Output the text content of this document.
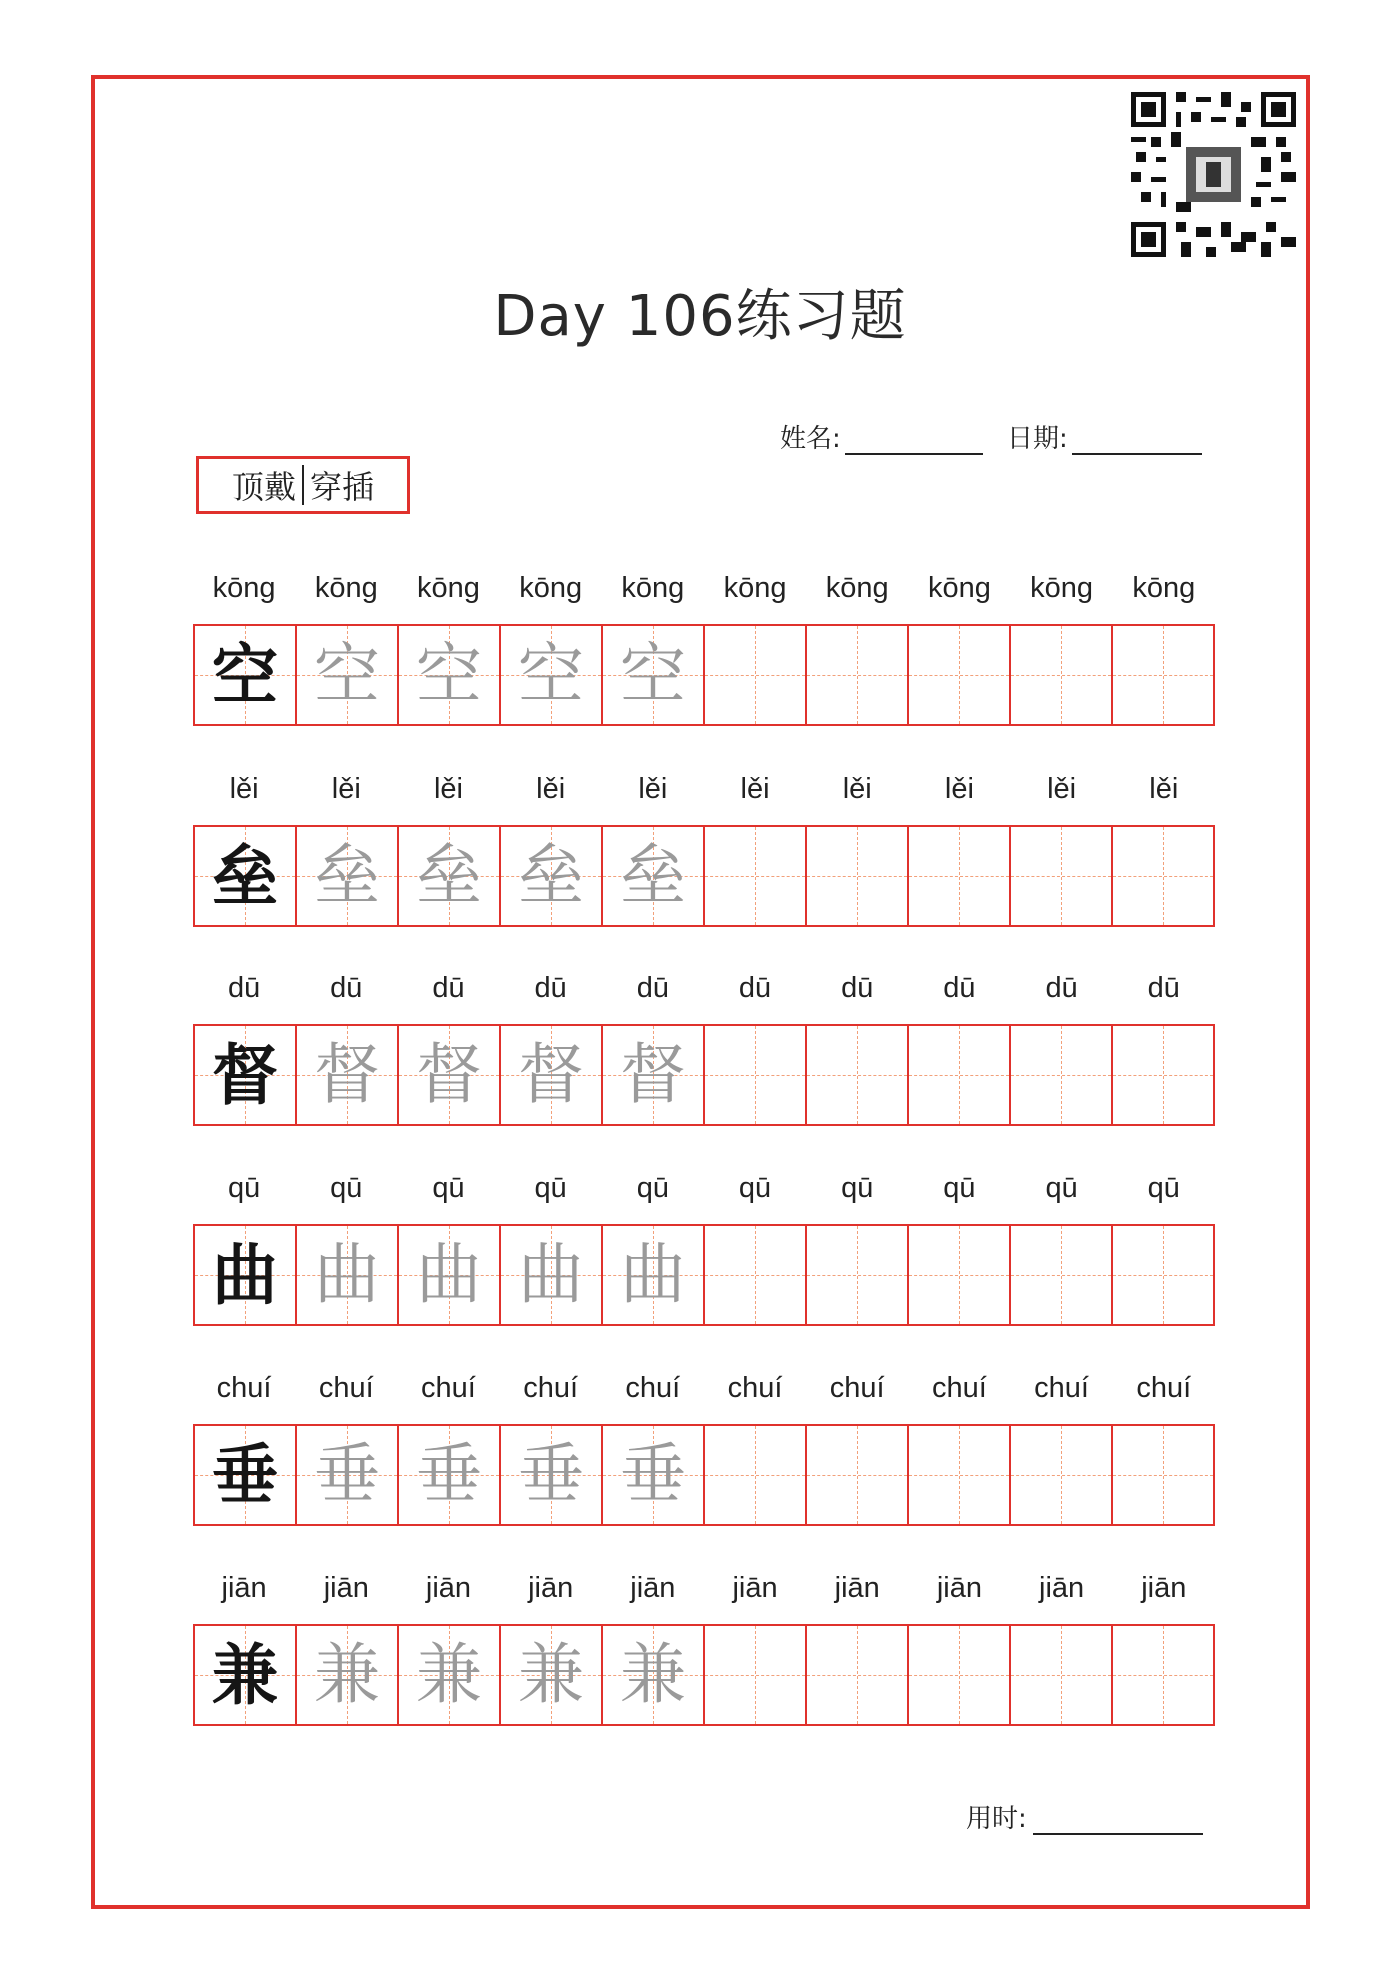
Day 106练习题
姓名:	日期:
顶戴 穿插
kōng	kōng	kōng	kōng	kōng	kōng	kōng	kōng	kōng	kōng
空 空 空 空 空
lěi	lěi	lěi	lěi	lěi	lěi	lěi	lěi	lěi	lěi
垒 垒 垒 垒 垒
dū	dū	dū	dū	dū	dū	dū	dū	dū	dū
督 督 督 督 督
qū	qū	qū	qū	qū	qū	qū	qū	qū	qū
曲 曲 曲 曲 曲
chuí	chuí	chuí	chuí	chuí	chuí	chuí	chuí	chuí	chuí
垂 垂 垂 垂 垂
jiān	jiān	jiān	jiān	jiān	jiān	jiān	jiān	jiān	jiān
兼 兼 兼 兼 兼
用时:
